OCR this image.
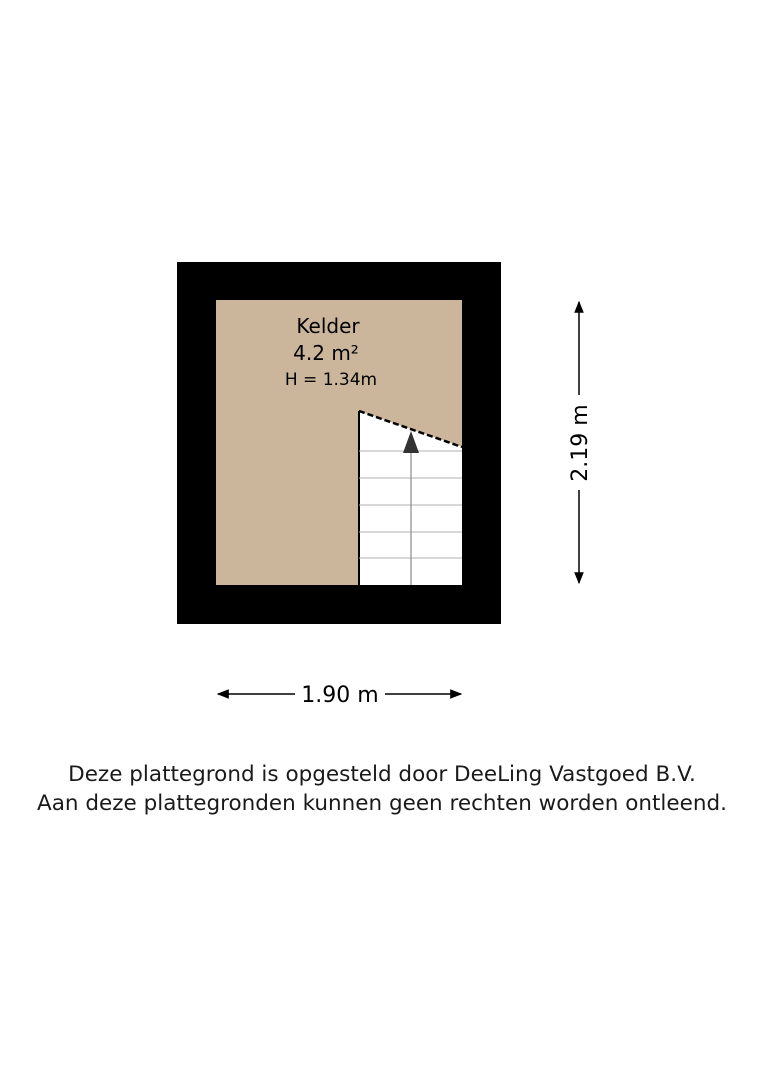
Kelder
4.2 m²
H = 1.34m
1.90 m
2.19 m
Deze plattegrond is opgesteld door DeeLing Vastgoed B.V.
Aan deze plattegronden kunnen geen rechten worden ontleend.
